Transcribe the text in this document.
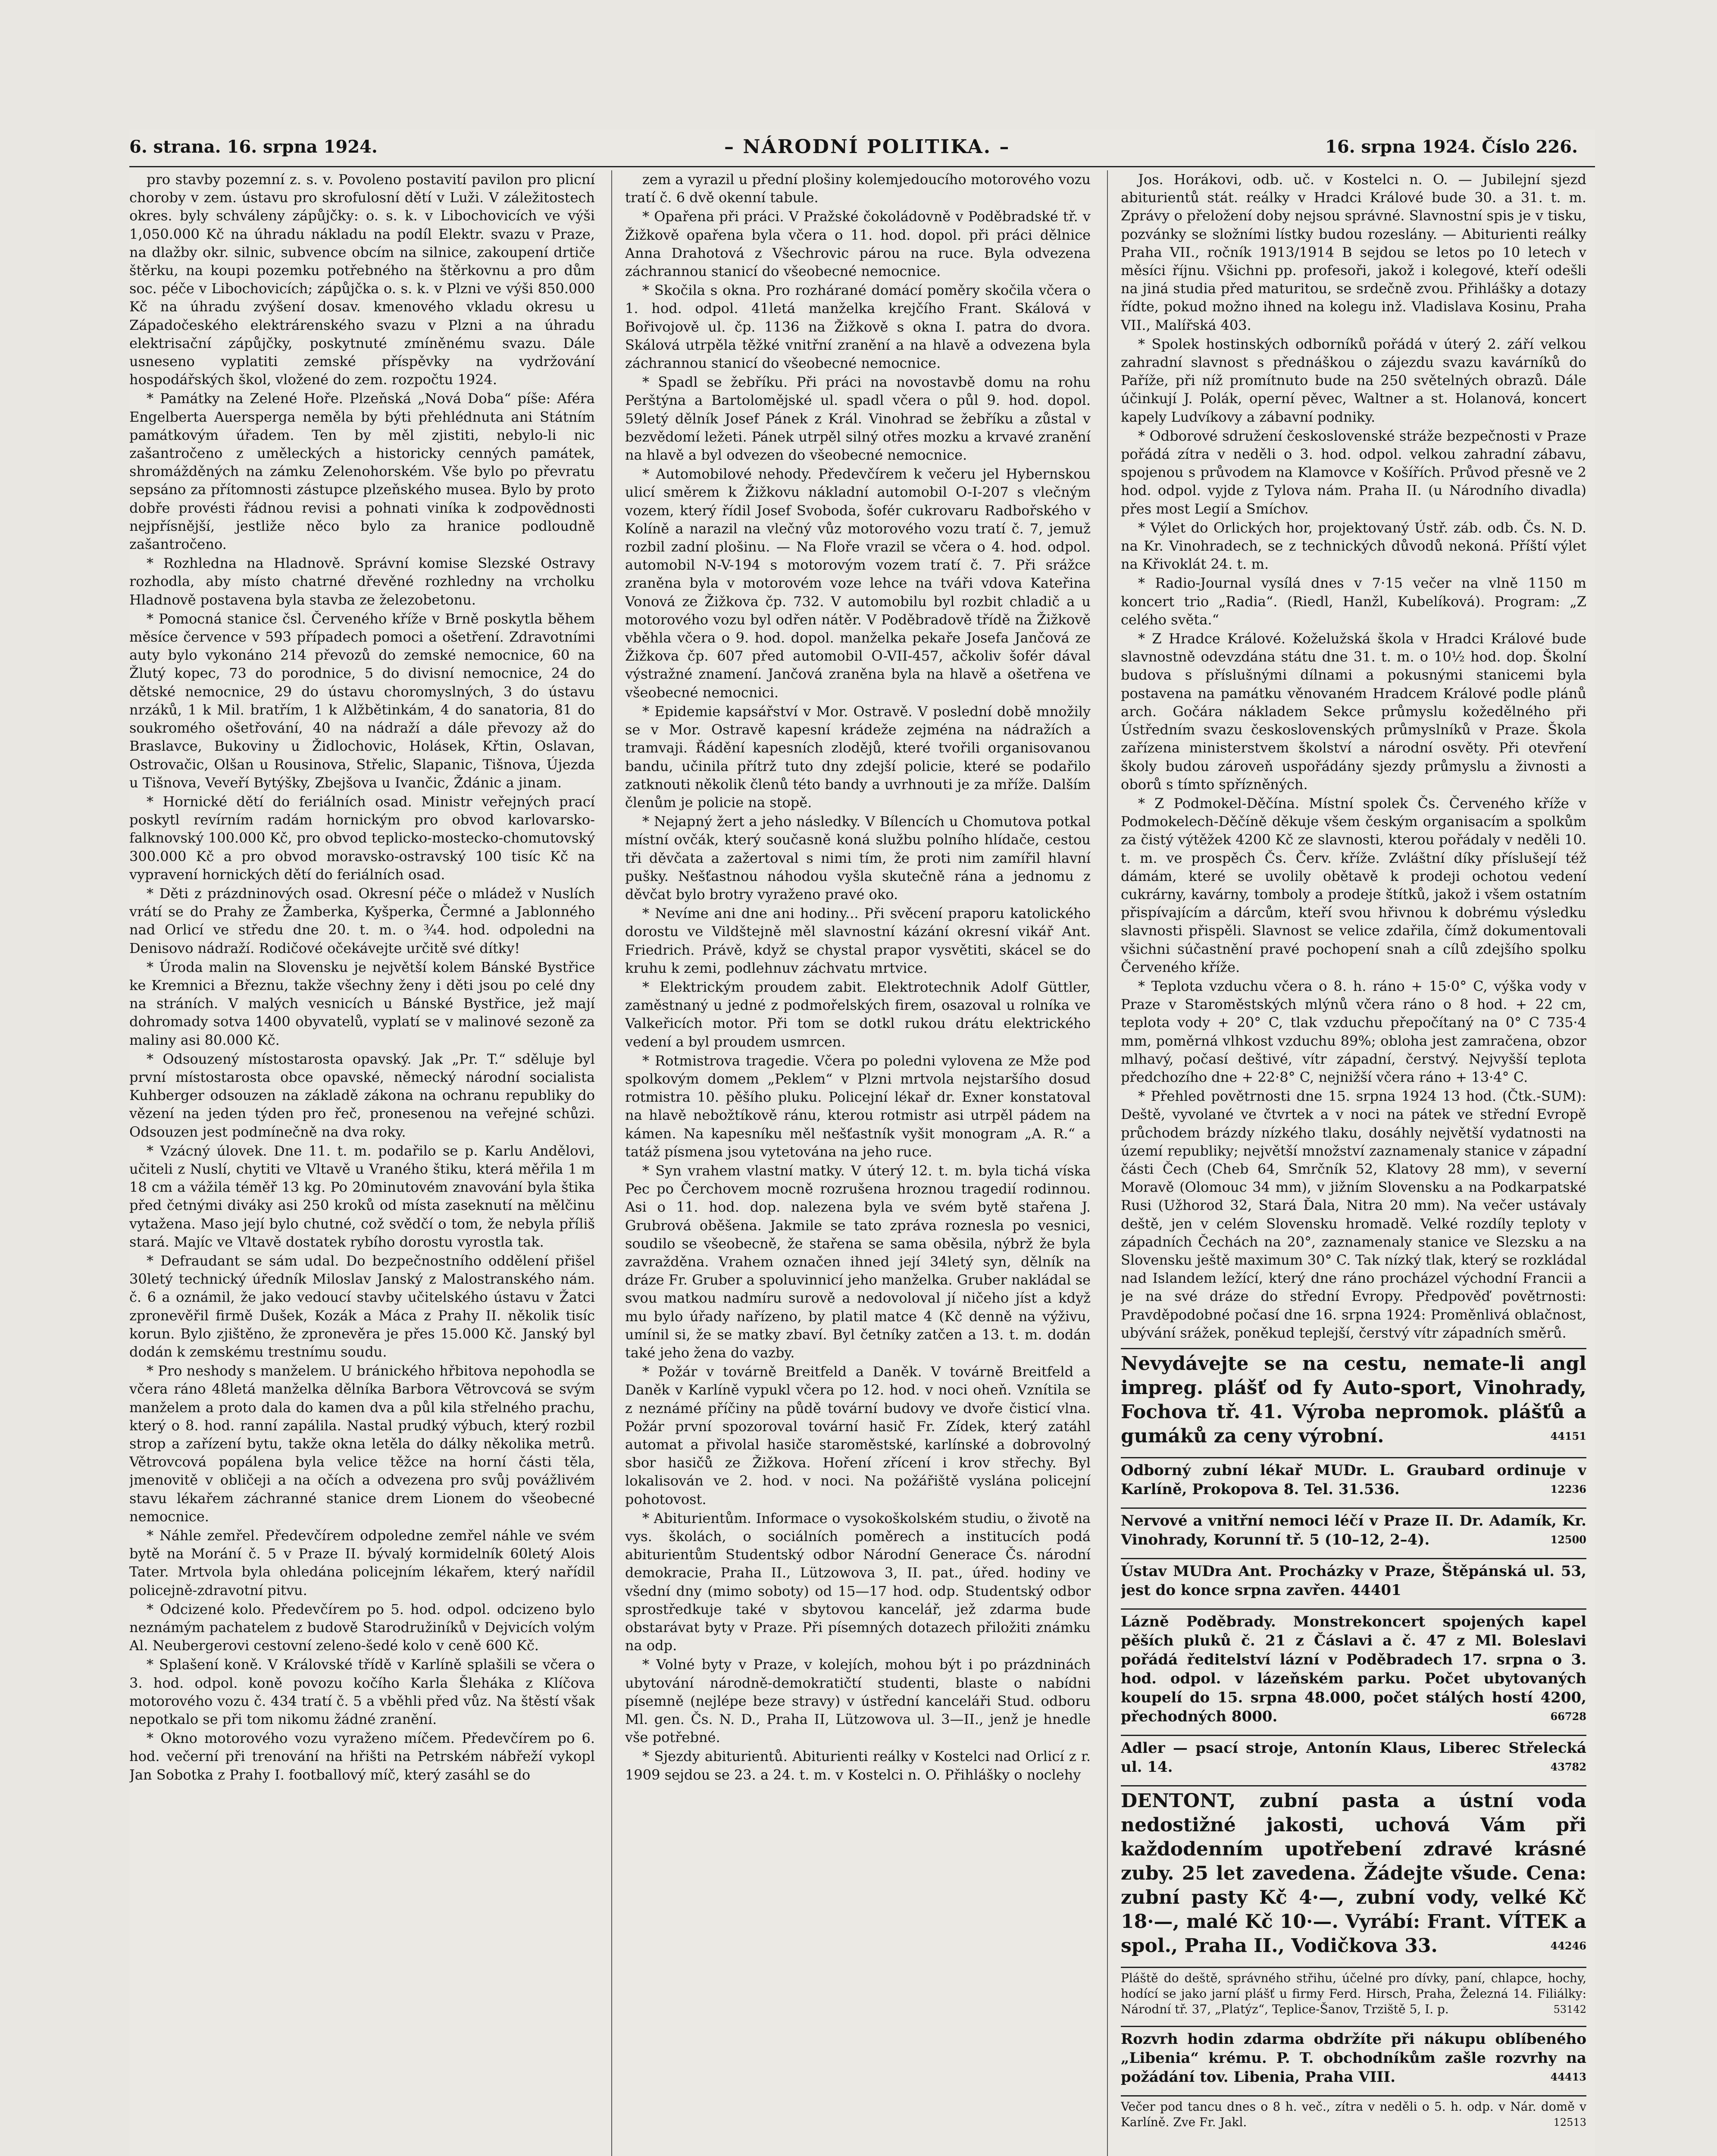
6. strana. 16. srpna 1924.	– NÁRODNÍ POLITIKA. –	16. srpna 1924. Číslo 226.

pro stavby pozemní z. s. v. Povoleno postavití pavilon pro plicní choroby v zem. ústavu pro skrofulosní dětí v Luži. V záležitostech okres. byly schváleny zápůjčky: o. s. k. v Libochovicích ve výši 1,050.000 Kč na úhradu nákladu na podíl Elektr. svazu v Praze, na dlažby okr. silnic, subvence obcím na silnice, zakoupení drtiče štěrku, na koupi pozemku potřebného na štěrkovnu a pro dům soc. péče v Libochovicích; zápůjčka o. s. k. v Plzni ve výši 850.000 Kč na úhradu zvýšení dosav. kmenového vkladu okresu u Západočeského elektrárenského svazu v Plzni a na úhradu elektrisační zápůjčky, poskytnuté zmíněnému svazu. Dále usneseno vyplatiti zemské příspěvky na vydržování hospodářských škol, vložené do zem. rozpočtu 1924.

* Památky na Zelené Hoře. Plzeňská „Nová Doba“ píše: Aféra Engelberta Auersperga neměla by býti přehlédnuta ani Státním památkovým úřadem. Ten by měl zjistiti, nebylo-li nic zašantročeno z uměleckých a historicky cenných památek, shromážděných na zámku Zelenohorském. Vše bylo po převratu sepsáno za přítomnosti zástupce plzeňského musea. Bylo by proto dobře provésti řádnou revisi a pohnati viníka k zodpovědnosti nejpřísnější, jestliže něco bylo za hranice podloudně zašantročeno.

* Rozhledna na Hladnově. Správní komise Slezské Ostravy rozhodla, aby místo chatrné dřevěné rozhledny na vrcholku Hladnově postavena byla stavba ze železobetonu.

* Pomocná stanice čsl. Červeného kříže v Brně poskytla během měsíce července v 593 případech pomoci a ošetření. Zdravotními auty bylo vykonáno 214 převozů do zemské nemocnice, 60 na Žlutý kopec, 73 do porodnice, 5 do divisní nemocnice, 24 do dětské nemocnice, 29 do ústavu choromyslných, 3 do ústavu nrzáků, 1 k Mil. bratřím, 1 k Alžbětinkám, 4 do sanatoria, 81 do soukromého ošetřování, 40 na nádraží a dále převozy až do Braslavce, Bukoviny u Židlochovic, Holásek, Křtin, Oslavan, Ostrovačic, Olšan u Rousinova, Střelic, Slapanic, Tišnova, Újezda u Tišnova, Veveří Bytýšky, Zbejšova u Ivančic, Ždánic a jinam.

* Hornické dětí do feriálních osad. Ministr veřejných prací poskytl revírním radám hornickým pro obvod karlovarsko-falknovský 100.000 Kč, pro obvod teplicko-mostecko-chomutovský 300.000 Kč a pro obvod moravsko-ostravský 100 tisíc Kč na vypravení hornických dětí do feriálních osad.

* Děti z prázdninových osad. Okresní péče o mládež v Nuslích vrátí se do Prahy ze Žamberka, Kyšperka, Čermné a Jablonného nad Orlicí ve středu dne 20. t. m. o ¾4. hod. odpoledni na Denisovo nádraží. Rodičové očekávejte určitě své dítky!

* Úroda malin na Slovensku je největší kolem Bánské Bystřice ke Kremnici a Březnu, takže všechny ženy i děti jsou po celé dny na stráních. V malých vesnicích u Bánské Bystřice, jež mají dohromady sotva 1400 obyvatelů, vyplatí se v malinové sezoně za maliny asi 80.000 Kč.

* Odsouzený místostarosta opavský. Jak „Pr. T.“ sděluje byl první místostarosta obce opavské, německý národní socialista Kuhberger odsouzen na základě zákona na ochranu republiky do vězení na jeden týden pro řeč, pronesenou na veřejné schůzi. Odsouzen jest podmínečně na dva roky.

* Vzácný úlovek. Dne 11. t. m. podařilo se p. Karlu Andělovi, učiteli z Nuslí, chytiti ve Vltavě u Vraného štiku, která měřila 1 m 18 cm a vážila téměř 13 kg. Po 20minutovém znavování byla štika před četnými diváky asi 250 kroků od místa zaseknutí na mělčinu vytažena. Maso její bylo chutné, což svědčí o tom, že nebyla příliš stará. Majíc ve Vltavě dostatek rybího dorostu vyrostla tak.

* Defraudant se sám udal. Do bezpečnostního oddělení přišel 30letý technický úředník Miloslav Janský z Malostranského nám. č. 6 a oznámil, že jako vedoucí stavby učitelského ústavu v Žatci zpronevěřil firmě Dušek, Kozák a Máca z Prahy II. několik tisíc korun. Bylo zjištěno, že zpronevěra je přes 15.000 Kč. Janský byl dodán k zemskému trestnímu soudu.

* Pro neshody s manželem. U bránického hřbitova nepohodla se včera ráno 48letá manželka dělníka Barbora Větrovcová se svým manželem a proto dala do kamen dva a půl kila střelného prachu, který o 8. hod. ranní zapálila. Nastal prudký výbuch, který rozbil strop a zařízení bytu, takže okna letěla do dálky několika metrů. Větrovcová popálena byla velice těžce na horní části těla, jmenovitě v obličeji a na očích a odvezena pro svůj povážlivém stavu lékařem záchranné stanice drem Lionem do všeobecné nemocnice.

* Náhle zemřel. Předevčírem odpoledne zemřel náhle ve svém bytě na Morání č. 5 v Praze II. bývalý kormidelník 60letý Alois Tater. Mrtvola byla ohledána policejním lékařem, který nařídil policejně-zdravotní pitvu.

* Odcizené kolo. Předevčírem po 5. hod. odpol. odcizeno bylo neznámým pachatelem z budově Starodružiníků v Dejvicích volým Al. Neubergerovi cestovní zeleno-šedé kolo v ceně 600 Kč.

* Splašení koně. V Královské třídě v Karlíně splašili se včera o 3. hod. odpol. koně povozu kočího Karla Šleháka z Klíčova motorového vozu č. 434 tratí č. 5 a vběhli před vůz. Na štěstí však nepotkalo se při tom nikomu žádné zranění.

* Okno motorového vozu vyraženo míčem. Předevčírem po 6. hod. večerní při trenování na hřišti na Petrském nábřeží vykopl Jan Sobotka z Prahy I. footballový míč, který zasáhl se do

zem a vyrazil u přední plošiny kolemjedoucího motorového vozu tratí č. 6 dvě okenní tabule.

* Opařena při práci. V Pražské čokoládovně v Poděbradské tř. v Žižkově opařena byla včera o 11. hod. dopol. při práci dělnice Anna Drahotová z Všechrovic párou na ruce. Byla odvezena záchrannou stanicí do všeobecné nemocnice.

* Skočila s okna. Pro rozhárané domácí poměry skočila včera o 1. hod. odpol. 41letá manželka krejčího Frant. Skálová v Bořivojově ul. čp. 1136 na Žižkově s okna I. patra do dvora. Skálová utrpěla těžké vnitřní zranění a na hlavě a odvezena byla záchrannou stanicí do všeobecné nemocnice.

* Spadl se žebříku. Při práci na novostavbě domu na rohu Perštýna a Bartolomějské ul. spadl včera o půl 9. hod. dopol. 59letý dělník Josef Pánek z Král. Vinohrad se žebříku a zůstal v bezvědomí ležeti. Pánek utrpěl silný otřes mozku a krvavé zranění na hlavě a byl odvezen do všeobecné nemocnice.

* Automobilové nehody. Předevčírem k večeru jel Hybernskou ulicí směrem k Žižkovu nákladní automobil O-I-207 s vlečným vozem, který řídil Josef Svoboda, šofér cukrovaru Radbořského v Kolíně a narazil na vlečný vůz motorového vozu tratí č. 7, jemuž rozbil zadní plošinu. — Na Floře vrazil se včera o 4. hod. odpol. automobil N-V-194 s motorovým vozem tratí č. 7. Při srážce zraněna byla v motorovém voze lehce na tváři vdova Kateřina Vonová ze Žižkova čp. 732. V automobilu byl rozbit chladič a u motorového vozu byl odřen nátěr. V Poděbradově třídě na Žižkově vběhla včera o 9. hod. dopol. manželka pekaře Josefa Jančová ze Žižkova čp. 607 před automobil O-VII-457, ačkoliv šofér dával výstražné znamení. Jančová zraněna byla na hlavě a ošetřena ve všeobecné nemocnici.

* Epidemie kapsářství v Mor. Ostravě. V poslední době množily se v Mor. Ostravě kapesní krádeže zejména na nádražích a tramvaji. Řádění kapesních zlodějů, které tvořili organisovanou bandu, učinila přítrž tuto dny zdejší policie, které se podařilo zatknouti několik členů této bandy a uvrhnouti je za mříže. Dalším členům je policie na stopě.

* Nejapný žert a jeho následky. V Bílencích u Chomutova potkal místní ovčák, který současně koná službu polního hlídače, cestou tři děvčata a zažertoval s nimi tím, že proti nim zamířil hlavní pušky. Nešťastnou náhodou vyšla skutečně rána a jednomu z děvčat bylo brotry vyraženo pravé oko.

* Nevíme ani dne ani hodiny... Při svěcení praporu katolického dorostu ve Vildštejně měl slavnostní kázání okresní vikář Ant. Friedrich. Právě, když se chystal prapor vysvětiti, skácel se do kruhu k zemi, podlehnuv záchvatu mrtvice.

* Elektrickým proudem zabit. Elektrotechnik Adolf Güttler, zaměstnaný u jedné z podmořelských firem, osazoval u rolníka ve Valkeřicích motor. Při tom se dotkl rukou drátu elektrického vedení a byl proudem usmrcen.

* Rotmistrova tragedie. Včera po poledni vylovena ze Mže pod spolkovým domem „Peklem“ v Plzni mrtvola nejstaršího dosud rotmistra 10. pěšího pluku. Policejní lékař dr. Exner konstatoval na hlavě nebožtíkově ránu, kterou rotmistr asi utrpěl pádem na kámen. Na kapesníku měl nešťastník vyšit monogram „A. R.“ a tatáž písmena jsou vytetována na jeho ruce.

* Syn vrahem vlastní matky. V úterý 12. t. m. byla tichá víska Pec po Čerchovem mocně rozrušena hroznou tragedií rodinnou. Asi o 11. hod. dop. nalezena byla ve svém bytě stařena J. Grubrová oběšena. Jakmile se tato zpráva roznesla po vesnici, soudilo se všeobecně, že stařena se sama oběsila, nýbrž že byla zavražděna. Vrahem označen ihned její 34letý syn, dělník na dráze Fr. Gruber a spoluvinnicí jeho manželka. Gruber nakládal se svou matkou nadmíru surově a nedovoloval jí ničeho jíst a když mu bylo úřady nařízeno, by platil matce 4 (Kč denně na výživu, umínil si, že se matky zbaví. Byl četníky zatčen a 13. t. m. dodán také jeho žena do vazby.

* Požár v továrně Breitfeld a Daněk. V továrně Breitfeld a Daněk v Karlíně vypukl včera po 12. hod. v noci oheň. Vznítila se z neznámé příčiny na půdě tovární budovy ve dvoře čisticí vlna. Požár první spozoroval tovární hasič Fr. Zídek, který zatáhl automat a přivolal hasiče staroměstské, karlínské a dobrovolný sbor hasičů ze Žižkova. Hoření zřícení i krov střechy. Byl lokalisován ve 2. hod. v noci. Na požářiště vyslána policejní pohotovost.

* Abiturientům. Informace o vysokoškolském studiu, o životě na vys. školách, o sociálních poměrech a institucích podá abiturientům Studentský odbor Národní Generace Čs. národní demokracie, Praha II., Lützowova 3, II. pat., úřed. hodiny ve všední dny (mimo soboty) od 15—17 hod. odp. Studentský odbor sprostředkuje také v sbytovou kancelář, jež zdarma bude obstarávat byty v Praze. Při písemných dotazech přiložiti známku na odp.

* Volné byty v Praze, v kolejích, mohou být i po prázdninách ubytování národně-demokratičtí studenti, blaste o nabídni písemně (nejlépe beze stravy) v ústřední kanceláři Stud. odboru Ml. gen. Čs. N. D., Praha II, Lützowova ul. 3—II., jenž je hnedle vše potřebné.

* Sjezdy abiturientů. Abiturienti reálky v Kostelci nad Orlicí z r. 1909 sejdou se 23. a 24. t. m. v Kostelci n. O. Přihlášky o noclehy

Jos. Horákovi, odb. uč. v Kostelci n. O. — Jubilejní sjezd abiturientů stát. reálky v Hradci Králové bude 30. a 31. t. m. Zprávy o přeložení doby nejsou správné. Slavnostní spis je v tisku, pozvánky se složními lístky budou rozeslány. — Abiturienti reálky Praha VII., ročník 1913/1914 B sejdou se letos po 10 letech v měsíci říjnu. Všichni pp. profesoři, jakož i kolegové, kteří odešli na jiná studia před maturitou, se srdečně zvou. Přihlášky a dotazy řídte, pokud možno ihned na kolegu inž. Vladislava Kosinu, Praha VII., Malířská 403.

* Spolek hostinských odborníků pořádá v úterý 2. září velkou zahradní slavnost s přednáškou o zájezdu svazu kavárníků do Paříže, při níž promítnuto bude na 250 světelných obrazů. Dále účinkují J. Polák, operní pěvec, Waltner a st. Holanová, koncert kapely Ludvíkovy a zábavní podniky.

* Odborové sdružení československé stráže bezpečnosti v Praze pořádá zítra v neděli o 3. hod. odpol. velkou zahradní zábavu, spojenou s průvodem na Klamovce v Košířích. Průvod přesně ve 2 hod. odpol. vyjde z Tylova nám. Praha II. (u Národního divadla) přes most Legií a Smíchov.

* Výlet do Orlických hor, projektovaný Ústř. záb. odb. Čs. N. D. na Kr. Vinohradech, se z technických důvodů nekoná. Příští výlet na Křivoklát 24. t. m.

* Radio-Journal vysílá dnes v 7·15 večer na vlně 1150 m koncert trio „Radia“. (Riedl, Hanžl, Kubelíková). Program: „Z celého světa.“

* Z Hradce Králové. Koželužská škola v Hradci Králové bude slavnostně odevzdána státu dne 31. t. m. o 10½ hod. dop. Školní budova s příslušnými dílnami a pokusnými stanicemi byla postavena na památku věnovaném Hradcem Králové podle plánů arch. Gočára nákladem Sekce průmyslu kožedělného při Ústředním svazu československých průmyslníků v Praze. Škola zařízena ministerstvem školství a národní osvěty. Při otevření školy budou zároveň uspořádány sjezdy průmyslu a živnosti a oborů s tímto spřízněných.

* Z Podmokel-Děčína. Místní spolek Čs. Červeného kříže v Podmokelech-Děčíně děkuje všem českým organisacím a spolkům za čistý výtěžek 4200 Kč ze slavnosti, kterou pořádaly v neděli 10. t. m. ve prospěch Čs. Červ. kříže. Zvláštní díky příslušejí též dámám, které se uvolily obětavě k prodeji ochotou vedení cukrárny, kavárny, tomboly a prodeje štítků, jakož i všem ostatním přispívajícím a dárcům, kteří svou hřivnou k dobrému výsledku slavnosti přispěli. Slavnost se velice zdařila, čímž dokumentovali všichni súčastnění pravé pochopení snah a cílů zdejšího spolku Červeného kříže.

* Teplota vzduchu včera o 8. h. ráno + 15·0° C, výška vody v Praze v Staroměstských mlýnů včera ráno o 8 hod. + 22 cm, teplota vody + 20° C, tlak vzduchu přepočítaný na 0° C 735·4 mm, poměrná vlhkost vzduchu 89%; obloha jest zamračena, obzor mlhavý, počasí deštivé, vítr západní, čerstvý. Nejvyšší teplota předchozího dne + 22·8° C, nejnižší včera ráno + 13·4° C.

* Přehled povětrnosti dne 15. srpna 1924 13 hod. (Čtk.-SUM): Deště, vyvolané ve čtvrtek a v noci na pátek ve střední Evropě průchodem brázdy nízkého tlaku, dosáhly největší vydatnosti na území republiky; největší množství zaznamenaly stanice v západní části Čech (Cheb 64, Smrčník 52, Klatovy 28 mm), v severní Moravě (Olomouc 34 mm), v jižním Slovensku a na Podkarpatské Rusi (Užhorod 32, Stará Ďala, Nitra 20 mm). Na večer ustávaly deště, jen v celém Slovensku hromadě. Velké rozdíly teploty v západních Čechách na 20°, zaznamenaly stanice ve Slezsku a na Slovensku ještě maximum 30° C. Tak nízký tlak, který se rozkládal nad Islandem ležící, který dne ráno procházel východní Francii a je na své dráze do střední Evropy. Předpověď povětrnosti: Pravděpodobné počasí dne 16. srpna 1924: Proměnlivá oblačnost, ubývání srážek, poněkud teplejší, čerstvý vítr západních směrů.

Nevydávejte se na cestu, nemate-li angl impreg. plášť od fy Auto-sport, Vinohrady, Fochova tř. 41. Výroba nepromok. plášťů a gumáků za ceny výrobní.	44151
Odborný zubní lékař MUDr. L. Graubard ordinuje v Karlíně, Prokopova 8. Tel. 31.536.	12236
Nervové a vnitřní nemoci léčí v Praze II. Dr. Adamík, Kr. Vinohrady, Korunní tř. 5 (10–12, 2–4).	12500
Ústav MUDra Ant. Procházky v Praze, Štěpánská ul. 53, jest do konce srpna zavřen. 44401
Lázně Poděbrady. Monstrekoncert spojených kapel pěších pluků č. 21 z Čáslavi a č. 47 z Ml. Boleslavi pořádá ředitelství lázní v Poděbradech 17. srpna o 3. hod. odpol. v lázeňském parku. Počet ubytovaných koupelí do 15. srpna 48.000, počet stálých hostí 4200, přechodných 8000.	66728
Adler — psací stroje, Antonín Klaus, Liberec Střelecká ul. 14.	43782
DENTONT, zubní pasta a ústní voda nedostižné jakosti, uchová Vám při každodenním upotřebení zdravé krásné zuby. 25 let zavedena. Žádejte všude. Cena: zubní pasty Kč 4·—, zubní vody, velké Kč 18·—, malé Kč 10·—. Vyrábí: Frant. VÍTEK a spol., Praha II., Vodičkova 33.	44246
Pláště do deště, správného střihu, účelné pro dívky, paní, chlapce, hochy, hodící se jako jarní plášť u firmy Ferd. Hirsch, Praha, Železná 14. Filiálky: Národní tř. 37, „Platýz“, Teplice-Šanov, Trziště 5, I. p.	53142
Rozvrh hodin zdarma obdržíte při nákupu oblíbeného „Libenia“ krému. P. T. obchodníkům zašle rozvrhy na požádání tov. Libenia, Praha VIII.	44413
Večer pod tancu dnes o 8 h. več., zítra v neděli o 5. h. odp. v Nár. domě v Karlíně. Zve Fr. Jakl.	12513
